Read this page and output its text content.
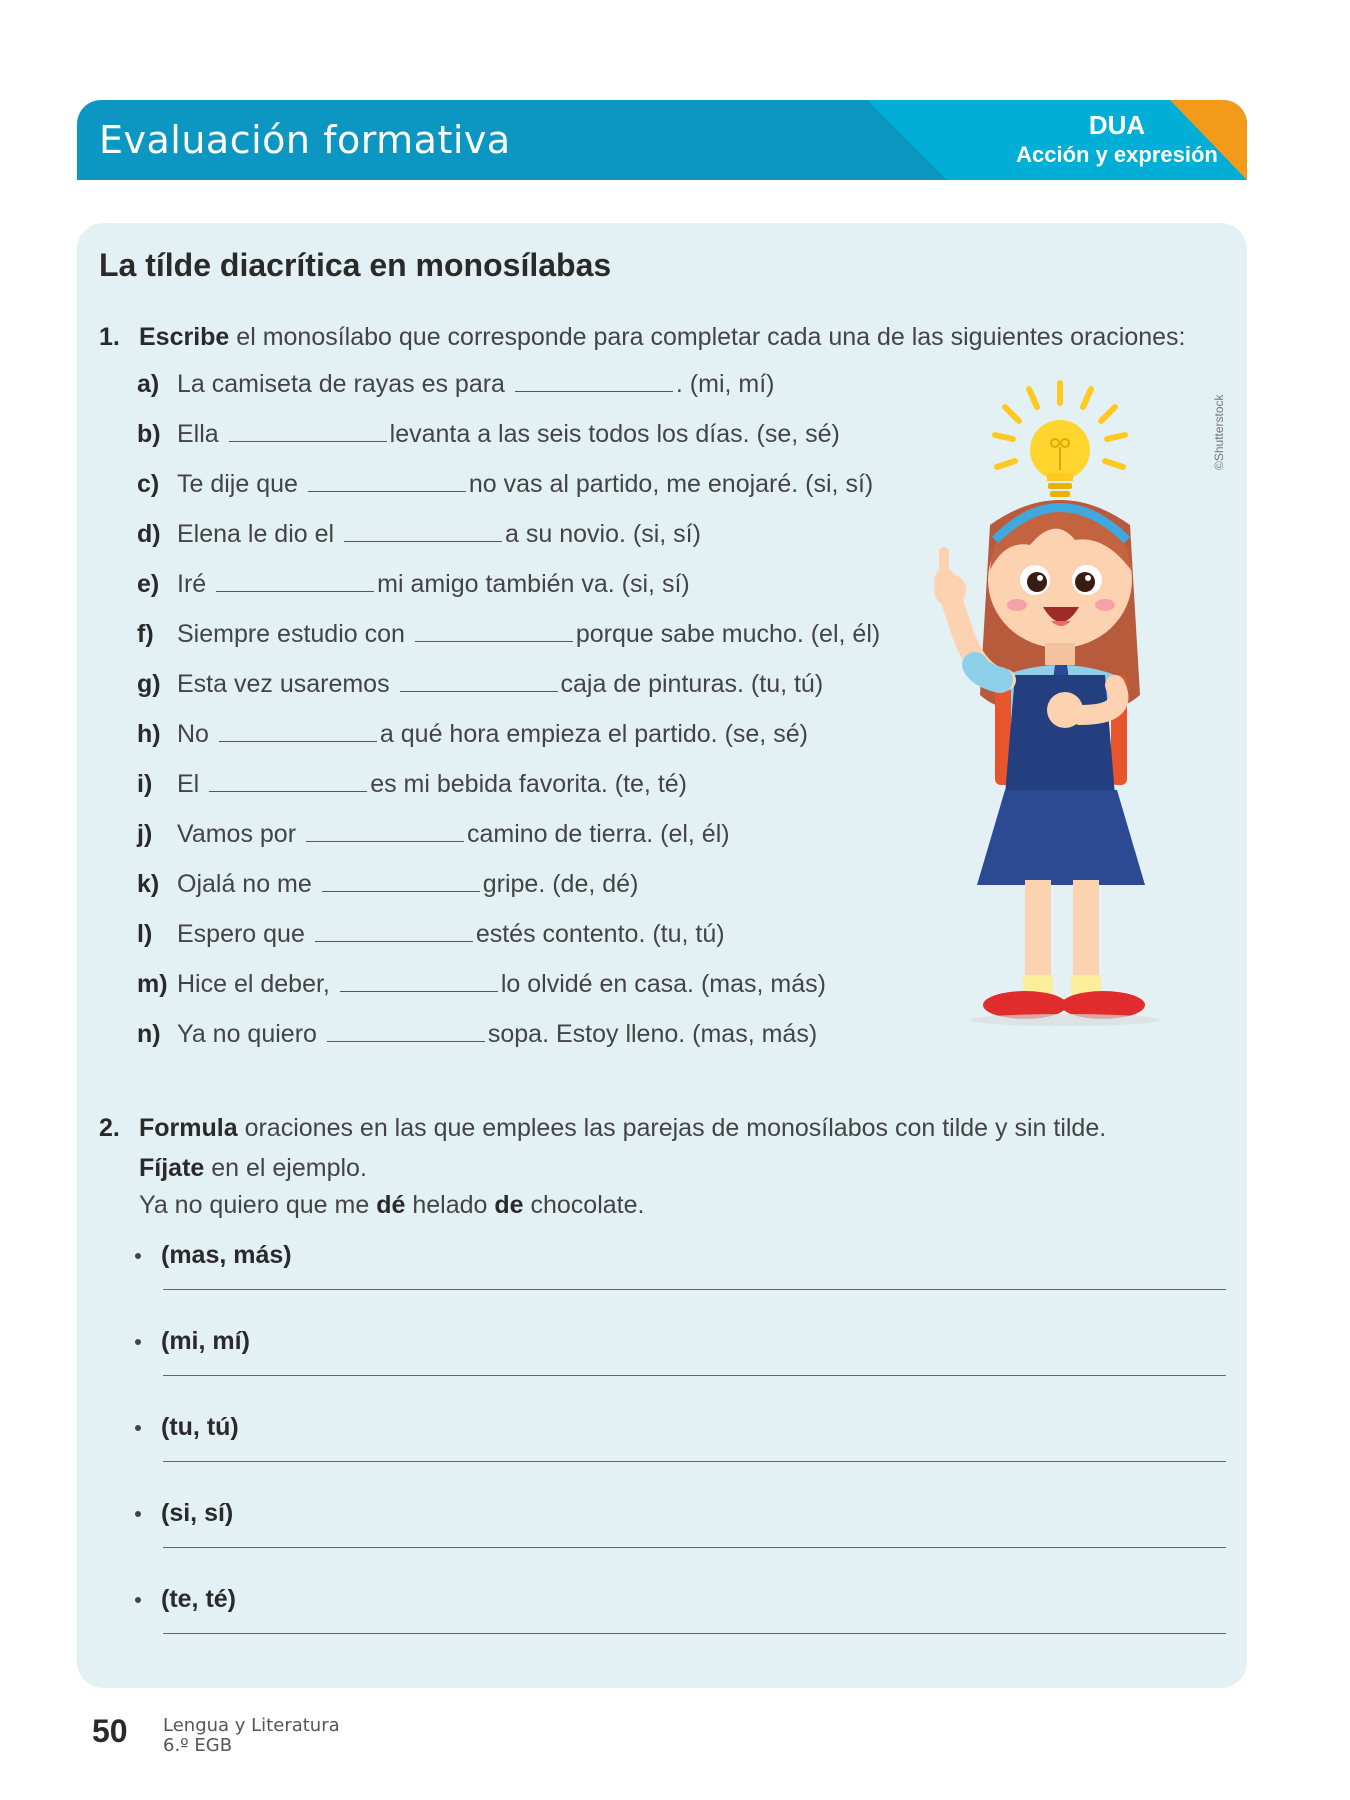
Evaluación formativa	DUA
Acción y expresión
La tílde diacrítica en monosílabas
1. Escribe el monosílabo que corresponde para completar cada una de las siguientes oraciones:
a) La camiseta de rayas es para	. (mi, mí)
b) Ella	levanta a las seis todos los días. (se, sé)
c) Te dije que	no vas al partido, me enojaré. (si, sí)
d) Elena le dio el	a su novio. (si, sí)
e) Iré	mi amigo también va. (si, sí)
f) Siempre estudio con	porque sabe mucho. (el, él)
g) Esta vez usaremos	caja de pinturas. (tu, tú)
h) No	a qué hora empieza el partido. (se, sé)
i) El	es mi bebida favorita. (te, té)
j) Vamos por	camino de tierra. (el, él)
k) Ojalá no me	gripe. (de, dé)
l) Espero que	estés contento. (tu, tú)
m) Hice el deber,	lo olvidé en casa. (mas, más)
n) Ya no quiero	sopa. Estoy lleno. (mas, más)
2. Formula oraciones en las que emplees las parejas de monosílabos con tilde y sin tilde.
Fíjate en el ejemplo.
Ya no quiero que me dé helado de chocolate.
(mas, más)
(mi, mí)
(tu, tú)
(si, sí)
(te, té)
©Shutterstock
50 Lengua y Literatura
6.º EGB
